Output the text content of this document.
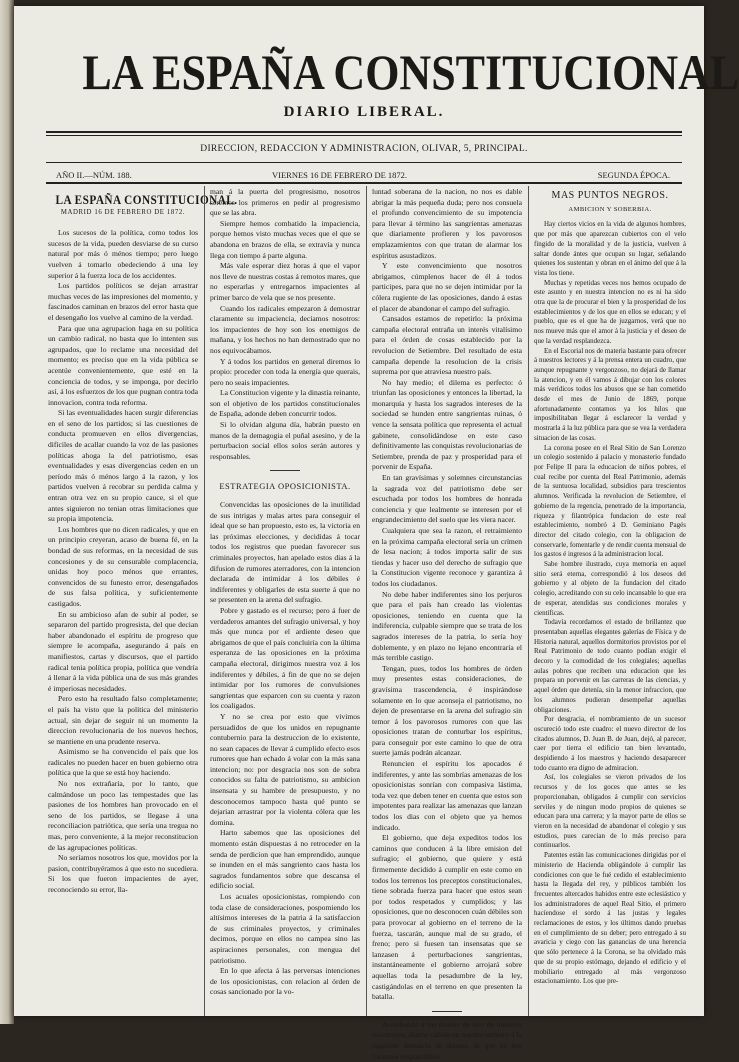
LA ESPAÑA CONSTITUCIONAL
DIARIO LIBERAL.
DIRECCION, REDACCION Y ADMINISTRACION, OLIVAR, 5, PRINCIPAL.
AÑO II.—NÚM. 188.	VIERNES 16 DE FEBRERO DE 1872.	SEGUNDA ÉPOCA.
LA ESPAÑA CONSTITUCIONAL.
MADRID 16 DE FEBRERO DE 1872.

Los sucesos de la política, como todos los sucesos de la vida, pueden desviarse de su curso natural por más ó ménos tiempo; pero luego vuelven á tomarlo obedeciendo á una ley superior á la fuerza loca de los accidentes.

Los partidos políticos se dejan arrastrar muchas veces de las impresiones del momento, y fascinados caminan en brazos del error hasta que el desengaño los vuelve al camino de la verdad.

Para que una agrupacion haga en su política un cambio radical, no basta que lo intenten sus agrupados, que lo reclame una necesidad del momento; es preciso que en la vida pública se acentúe convenientemente, que esté en la conciencia de todos, y se imponga, por decirlo así, á los esfuerzos de los que pugnan contra toda innovacion, contra toda reforma.

Si las eventualidades hacen surgir diferencias en el seno de los partidos; si las cuestiones de conducta promueven en ellos divergencias, difíciles de acallar cuando la voz de las pasiones políticas ahoga la del patriotismo, esas eventualidades y esas divergencias ceden en un período más ó ménos largo á la razon, y los partidos vuelven á recobrar su perdida calma y entran otra vez en su propio cauce, si el que antes siguieron no tenian otras limitaciones que su propia impotencia.

Los hombres que no dicen radicales, y que en un principio creyeran, acaso de buena fé, en la bondad de sus reformas, en la necesidad de sus concesiones y de su censurable complacencia, unidas hoy poco ménos que errantes, convencidos de su funesto error, desengañados de sus falsa política, y suficientemente castigados.

En su ambicioso afan de subir al poder, se separaron del partido progresista, del que decian haber abandonado el espíritu de progreso que siempre le acompaña, asegurando á país en manifiestos, cartas y discursos, que el partido radical tenia política propia, política que vendría á llenar á la vida pública una de sus más grandes é imperiosas necesidades.

Pero esto ha resultado falso completamente; el país ha visto que la política del ministerio actual, sin dejar de seguir ni un momento la direccion revolucionaria de los nuevos hechos, se mantiene en una prudente reserva.

Asimismo se ha convencido el país que los radicales no pueden hacer en buen gobierno otra política que la que se está hoy haciendo.

No nos extrañaría, por lo tanto, que calmándose un poco las tempestades que las pasiones de los hombres han provocado en el seno de los partidos, se llegase á una reconciliacion patriótica, que sería una tregua no mas, pero conveniente, á la mejor reconstitucion de las agrupaciones políticas.

No seríamos nosotros los que, movidos por la pasion, contribuyéramos á que esto no sucediera. Si los que fueron impacientes de ayer, reconociendo su error, lla-

man á la puerta del progresismo, nosotros seremos los primeros en pedir al progresismo que se las abra.

Siempre hemos combatido la impaciencia, porque hemos visto muchas veces que el que se abandona en brazos de ella, se extravía y nunca llega con tiempo á parte alguna.

Más vale esperar diez horas á que el vapor nos lleve de nuestras costas á remotos mares, que no esperarlas y entregarnos impacientes al primer barco de vela que se nos presente.

Cuando los radicales empezaron á demostrar claramente su impaciencia, decíamos nosotros: los impacientes de hoy son los enemigos de mañana, y los hechos no han demostrado que no nos equivocábamos.

Y á todos los partidos en general diremos lo propio: proceder con toda la energía que querais, pero no seais impacientes.

La Constitucion vigente y la dinastía reinante, son el objetivo de los partidos constitucionales de España, adonde deben concurrir todos.

Si lo olvidan alguna día, habrán puesto en manos de la demagogia el puñal asesino, y de la perturbacion social ellos solos serán autores y responsables.

ESTRATEGIA OPOSICIONISTA.

Convencidas las oposiciones de la inutilidad de sus intrigas y malas artes para conseguir el ideal que se han propuesto, esto es, la victoria en las próximas elecciones, y decididas á tocar todos los registros que puedan favorecer sus criminales proyectos, han apelado estos dias á la difusion de rumores aterradores, con la intencion declarada de intimidar á los débiles é indiferentes y obligarles de esta suerte á que no se presenten en la arena del sufragio.

Pobre y gastado es el recurso; pero á fuer de verdaderos amantes del sufragio universal, y hoy más que nunca por el ardiente deseo que abrigamos de que el país concluiría con la última esperanza de las oposiciones en la próxima campaña electoral, dirigimos nuestra voz á los indiferentes y débiles, á fin de que no se dejen intimidar por los rumores de convulsiones sangrientas que esparcen con su cuenta y razon los coaligados.

Y no se crea por esto que vivimos persuadidos de que los unidos en repugnante contubernio para la destruccion de lo existente, no sean capaces de llevar á cumplido efecto esos rumores que han echado á volar con la más sana intencion; no: por desgracia nos son de sobra conocidos su falta de patriotismo, su ambicion insensata y su hambre de presupuesto, y no desconocemos tampoco hasta qué punto se dejarian arrastrar por la violenta cólera que les domina.

Harto sabemos que las oposiciones del momento están dispuestas á no retroceder en la senda de perdicion que han emprendido, aunque se inunden en el más sangriento caos hasta los sagrados fundamentos sobre que descansa el edificio social.

Los acuales oposicionistas, rompiendo con toda clase de consideraciones, pospomiendo los altísimos intereses de la patria á la satisfaccion de sus criminales proyectos, y criminales decimos, porque en ellos no campea sino las aspiraciones personales, con mengua del patriotismo.

En lo que afecta á las perversas intenciones de los oposicionistas, con relacion al órden de cosas sancionado por la vo-

luntad soberana de la nacion, no nos es dable abrigar la más pequeña duda; pero nos consuela el profundo convencimiento de su impotencia para llevar á término las sangrientas amenazas que diariamente profieren y los pavorosos emplazamientos con que tratan de alarmar los espíritus asustadizos.

Y este convencimiento que nosotros abrigamos, cúmplenos hacer de él á todos participes, para que no se dejen intimidar por la cólera rugiente de las oposiciones, dando á estas el placer de abandonar el campo del sufragio.

Cansados estamos de repetirlo: la próxima campaña electoral entraña un interés vitalísimo para el órden de cosas establecido por la revolucion de Setiembre. Del resultado de esta campaña depende la resolucion de la crisis suprema por que atraviesa nuestro país.

No hay medio; el dilema es perfecto: ó triunfan las oposiciones y entonces la libertad, la monarquía y hasta los sagrados intereses de la sociedad se hunden entre sangrientas ruinas, ó vence la sensata política que representa el actual gabinete, consolidándose en este caso definitivamente las conquistas revolucionarias de Setiembre, prenda de paz y prosperidad para el porvenir de España.

En tan gravísimas y solemnes circunstancias la sagrada voz del patriotismo debe ser escuchada por todos los hombres de honrada conciencia y que lealmente se interesen por el engrandecimiento del suelo que les viera nacer.

Cualquiera que sea la razon, el retraimiento en la próxima campaña electoral sería un crímen de lesa nacion; á todos importa salir de sus tiendas y hacer uso del derecho de sufragio que la Constitucion vigente reconoce y garantiza á todos los ciudadanos.

No debe haber indiferentes sino los perjuros que para el país han creado las violentas oposiciones, teniendo en cuenta que la indiferencia, culpable siempre que se trata de los sagrados intereses de la patria, lo sería hoy doblemente, y en plazo no lejano encontraría el más terrible castigo.

Tengan, pues, todos los hombres de órden muy presentes estas consideraciones, de gravísima trascendencia, é inspirándose solamente en lo que aconseja el patriotismo, no dejen de presentarse en la arena del sufragio sin temor á los pavorosos rumores con que las oposiciones tratan de conturbar los espíritus, para conseguir por este camino lo que de otra suerte jamás podrán alcanzar.

Renuncien el espíritu los apocados é indiferentes, y ante las sombrías amenazas de los oposicionistas sonrían con compasiva lástima, toda vez que deben tener en cuenta que estos son impotentes para realizar las amenazas que lanzan todos los dias con el objeto que ya hemos indicado.

El gobierno, que deja expeditos todos los caminos que conducen á la libre emision del sufragio; el gobierno, que quiere y está firmemente decidido á cumplir en este como en todos los terrenos los preceptos constitucionales, tiene sobrada fuerza para hacer que estos sean por todos respetados y cumplidos; y las oposiciones, que no desconocen cuán débiles son para provocar al gobierno en el terreno de la fuerza, tascarán, aunque mal de su grado, el freno; pero si fuesen tan insensatas que se lanzasen á perturbaciones sangrientas, instantáneamente el gobierno arrojará sobre aquellas toda la pesadumbre de la ley, castigándolas en el terreno en que presenten la batalla.

Accediendo á los deseos de uno de nuestros suscritores, damos cabida en nuestro número á la siguiente denuncia de abusos, de que no nos hacemos responsables:

MAS PUNTOS NEGROS.
AMBICION Y SOBERBIA.

Hay ciertos vicios en la vida de algunos hombres, que por más que aparezcan cubiertos con el velo fingido de la moralidad y de la justicia, vuelven á saltar donde ántes que ocupan su lugar, señalando quienes los sustentan y obran en el ánimo del que á la vista los tiene.

Muchas y repetidas veces nos hemos ocupado de este asunto y en nuestra intencion no es ni ha sido otra que la de procurar el bien y la prosperidad de los establecimientos y de los que en ellos se educan; y el pueblo, que es el que ha de juzgarnos, verá que no nos mueve más que el amor á la justicia y el deseo de que la verdad resplandezca.

En el Escorial nos de materia bastante para ofrecer á nuestros lectores y á la prensa entera un cuadro, que aunque repugnante y vergonzoso, no dejará de llamar la atencion, y en él vamos á dibujar con los colores más verídicos todos los abusos que se han cometido desde el mes de Junio de 1869, porque afortunadamente contamos ya los hilos que imposibilitaban llegar á esclarecer la verdad y mostrarla á la luz pública para que se vea la verdadera situacion de las cosas.

La corona posee en el Real Sitio de San Lorenzo un colegio sostenido á palacio y monasterio fundado por Felipe II para la educacion de niños pobres, el cual recibe por cuenta del Real Patrimonio, además de la suntuosa localidad, subsidios para trescientos alumnos. Verificada la revolucion de Setiembre, el gobierno de la regencia, penetrado de la importancia, riqueza y filantrópica fundacion de este real establecimiento, nombró á D. Geminiano Pagés director del citado colegio, con la obligacion de conservarle, fomentarle y de rendir cuenta mensual de los gastos é ingresos á la administracion local.

Sabe hombre ilustrado, cuya memoria en aquel sitio será eterna, correspondió á los deseos del gobierno y al objeto de la fundacion del citado colegio, acreditando con su celo incansable lo que era de esperar, atendidas sus condiciones morales y científicas.

Todavía recordamos el estado de brillantez que presentaban aquellas elegantes galerías de Física y de Historia natural, aquellos dormitorios provistos por el Real Patrimonio de todo cuanto podían exigir el decoro y la comodidad de los colegiales; aquellas aulas pobres que reciben una educacion que les prepara un porvenir en las carreras de las ciencias, y aquel órden que detenía, sin la menor infraccion, que los alumnos pudieran desempeñar aquellas obligaciones.

Por desgracia, el nombramiento de un sucesor oscureció todo este cuadro: el nuevo director de los citados alumnos, D. Juan B. de Juan, dejó, al parecer, caer por tierra el edificio tan bien levantado, despidiendo á los maestros y haciendo desaparecer todo cuanto era digno de admiracion.

Así, los colegiales se vieron privados de los recursos y de los goces que antes se les proporcionaban, obligados á cumplir con servicios serviles y de ningun modo propios de quienes se educan para una carrera; y la mayor parte de ellos se vieron en la necesidad de abandonar el colegio y sus estudios, pues carecian de lo más preciso para continuarlos.

Patentes están las comunicaciones dirigidas por el ministerio de Hacienda obligándole á cumplir las condiciones con que le fué cedido el establecimiento hasta la llegada del rey, y públicos también los frecuentes altercados habidos entre este eclesiástico y los administradores de aquel Real Sitio, el primero hacíendose el sordo á las justas y legales reclamaciones de estos, y los últimos dando pruebas en el cumplimiento de su deber; pero entregado á su avaricia y ciego con las ganancias de una herencia que sólo pertenece á la Corona, se ha olvidado más que de su propio estómago, dejando el edificio y el mobiliario entregado al más vergonzoso estacionamiento. Los que pre-
